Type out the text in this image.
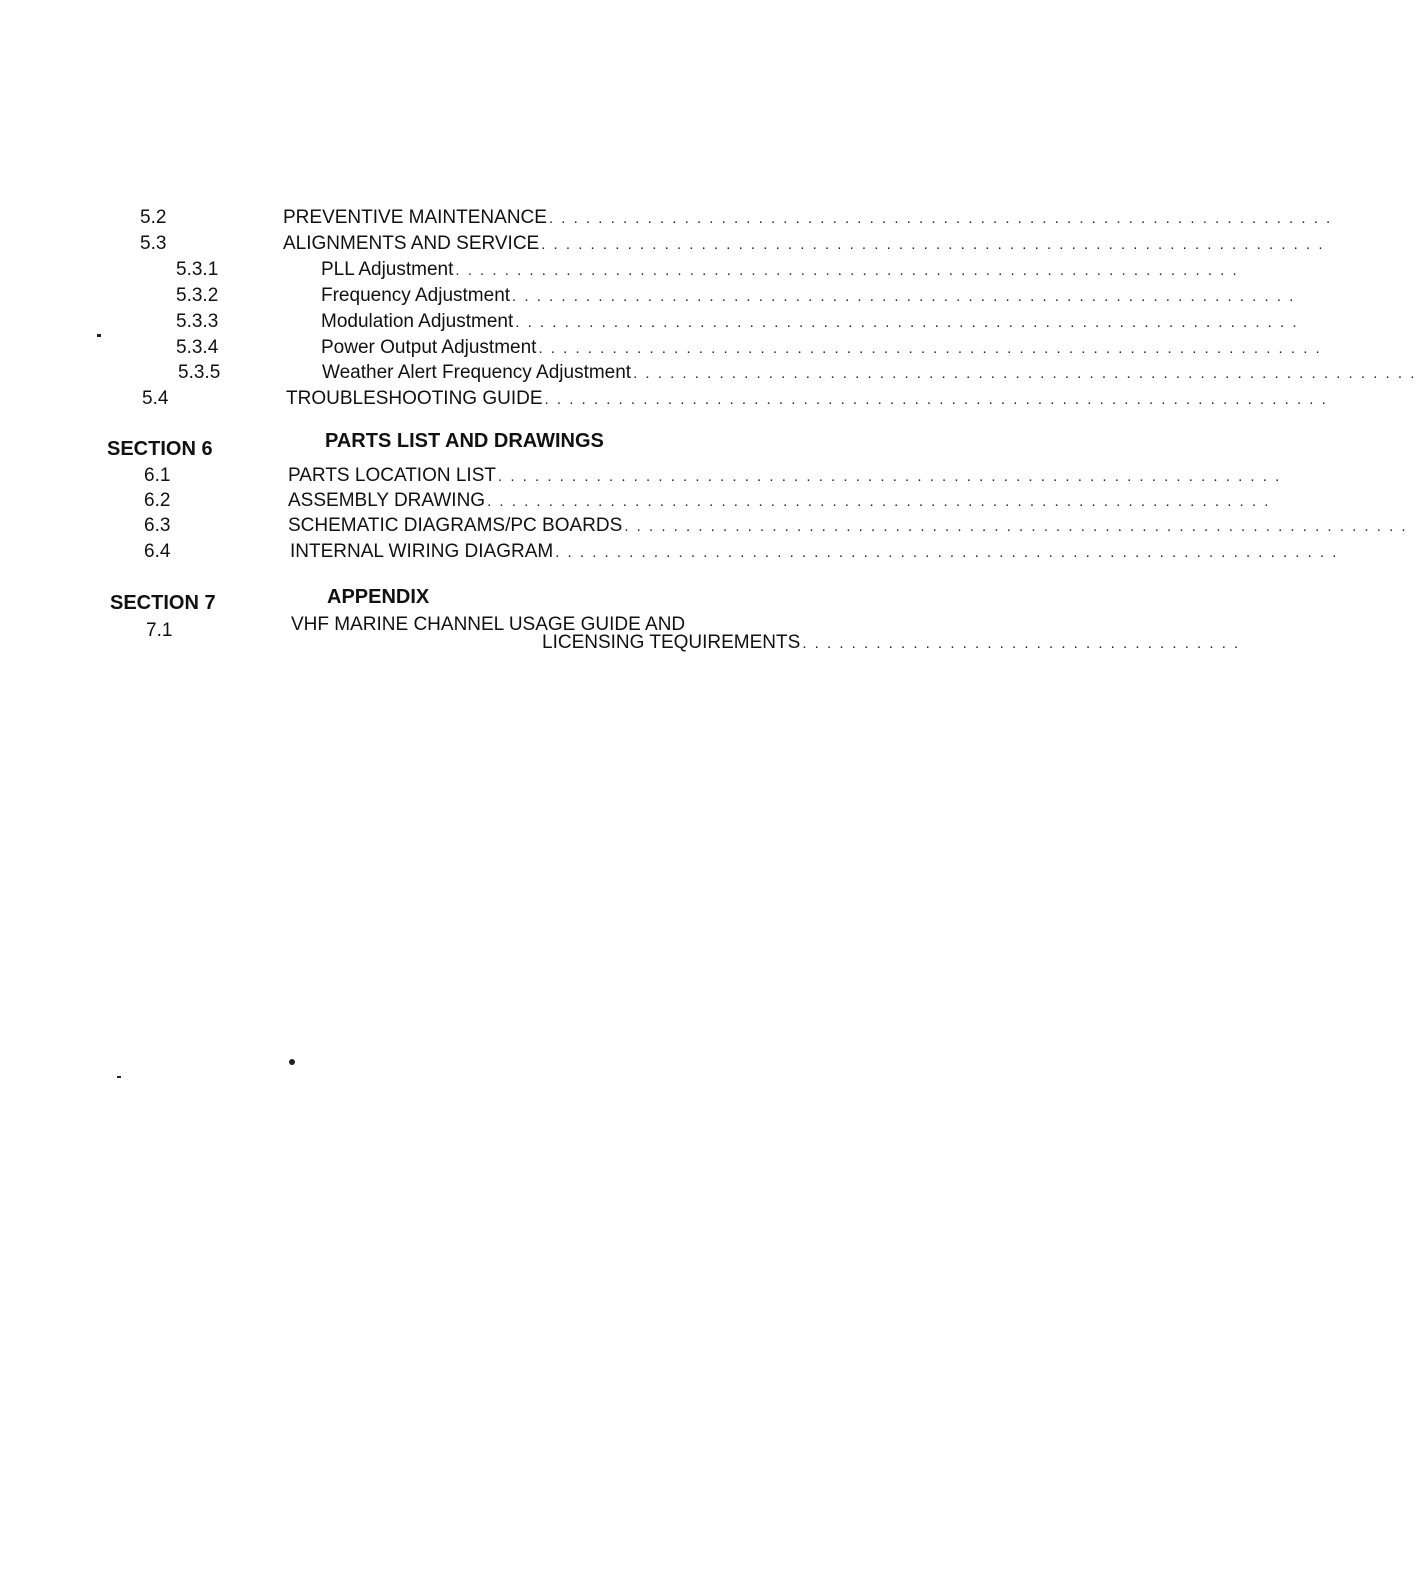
5.2	PREVENTIVE MAINTENANCE . . . . . . . . . . . . . . . . . . . . . . . . . . . . . . . . . . . . . . . . . . . . . . . . . . . . . . . . . . . . . . . .
5.3	ALIGNMENTS AND SERVICE . . . . . . . . . . . . . . . . . . . . . . . . . . . . . . . . . . . . . . . . . . . . . . . . . . . . . . . . . . . . . . . .
5.3.1	PLL Adjustment . . . . . . . . . . . . . . . . . . . . . . . . . . . . . . . . . . . . . . . . . . . . . . . . . . . . . . . . . . . . . . . .
5.3.2	Frequency Adjustment . . . . . . . . . . . . . . . . . . . . . . . . . . . . . . . . . . . . . . . . . . . . . . . . . . . . . . . . . . . . . . . .
5.3.3	Modulation Adjustment . . . . . . . . . . . . . . . . . . . . . . . . . . . . . . . . . . . . . . . . . . . . . . . . . . . . . . . . . . . . . . . .
5.3.4	Power Output Adjustment . . . . . . . . . . . . . . . . . . . . . . . . . . . . . . . . . . . . . . . . . . . . . . . . . . . . . . . . . . . . . . . .
5.3.5	Weather Alert Frequency Adjustment . . . . . . . . . . . . . . . . . . . . . . . . . . . . . . . . . . . . . . . . . . . . . . . . . . . . . . . . . . . . . . . .
5.4	TROUBLESHOOTING GUIDE . . . . . . . . . . . . . . . . . . . . . . . . . . . . . . . . . . . . . . . . . . . . . . . . . . . . . . . . . . . . . . . .
SECTION 6	PARTS LIST AND DRAWINGS
6.1	PARTS LOCATION LIST . . . . . . . . . . . . . . . . . . . . . . . . . . . . . . . . . . . . . . . . . . . . . . . . . . . . . . . . . . . . . . . .
6.2	ASSEMBLY DRAWING . . . . . . . . . . . . . . . . . . . . . . . . . . . . . . . . . . . . . . . . . . . . . . . . . . . . . . . . . . . . . . . .
6.3	SCHEMATIC DIAGRAMS/PC BOARDS . . . . . . . . . . . . . . . . . . . . . . . . . . . . . . . . . . . . . . . . . . . . . . . . . . . . . . . . . . . . . . . .
6.4	INTERNAL WIRING DIAGRAM . . . . . . . . . . . . . . . . . . . . . . . . . . . . . . . . . . . . . . . . . . . . . . . . . . . . . . . . . . . . . . . .
SECTION 7	APPENDIX
7.1	VHF MARINE CHANNEL USAGE GUIDE AND
LICENSING TEQUIREMENTS . . . . . . . . . . . . . . . . . . . . . . . . . . . . . . . . . . . .
